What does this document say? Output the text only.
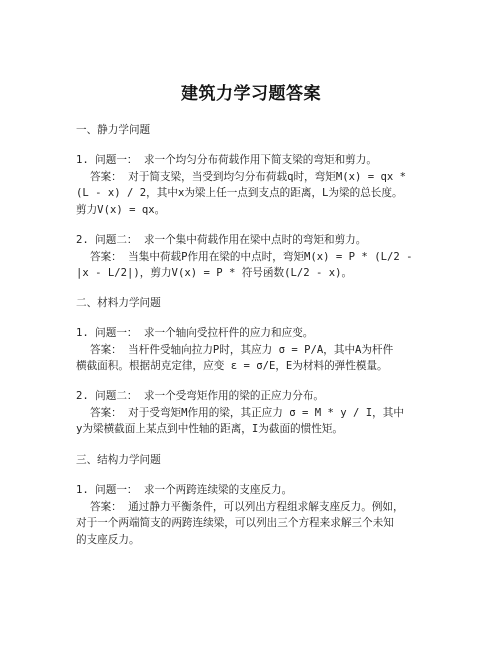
建筑力学习题答案
一、静力学问题
1. 问题一： 求一个均匀分布荷载作用下简支梁的弯矩和剪力。
答案： 对于简支梁，当受到均匀分布荷载q时，弯矩M(x) = qx *
(L - x) / 2，其中x为梁上任一点到支点的距离，L为梁的总长度。
剪力V(x) = qx。
2. 问题二： 求一个集中荷载作用在梁中点时的弯矩和剪力。
答案： 当集中荷载P作用在梁的中点时，弯矩M(x) = P * (L/2 -
|x - L/2|)，剪力V(x) = P * 符号函数(L/2 - x)。
二、材料力学问题
1. 问题一： 求一个轴向受拉杆件的应力和应变。
答案： 当杆件受轴向拉力P时，其应力 σ = P/A，其中A为杆件
横截面积。根据胡克定律，应变 ε = σ/E，E为材料的弹性模量。
2. 问题二： 求一个受弯矩作用的梁的正应力分布。
答案： 对于受弯矩M作用的梁，其正应力 σ = M * y / I，其中
y为梁横截面上某点到中性轴的距离，I为截面的惯性矩。
三、结构力学问题
1. 问题一： 求一个两跨连续梁的支座反力。
答案： 通过静力平衡条件，可以列出方程组求解支座反力。例如，
对于一个两端简支的两跨连续梁，可以列出三个方程来求解三个未知
的支座反力。
